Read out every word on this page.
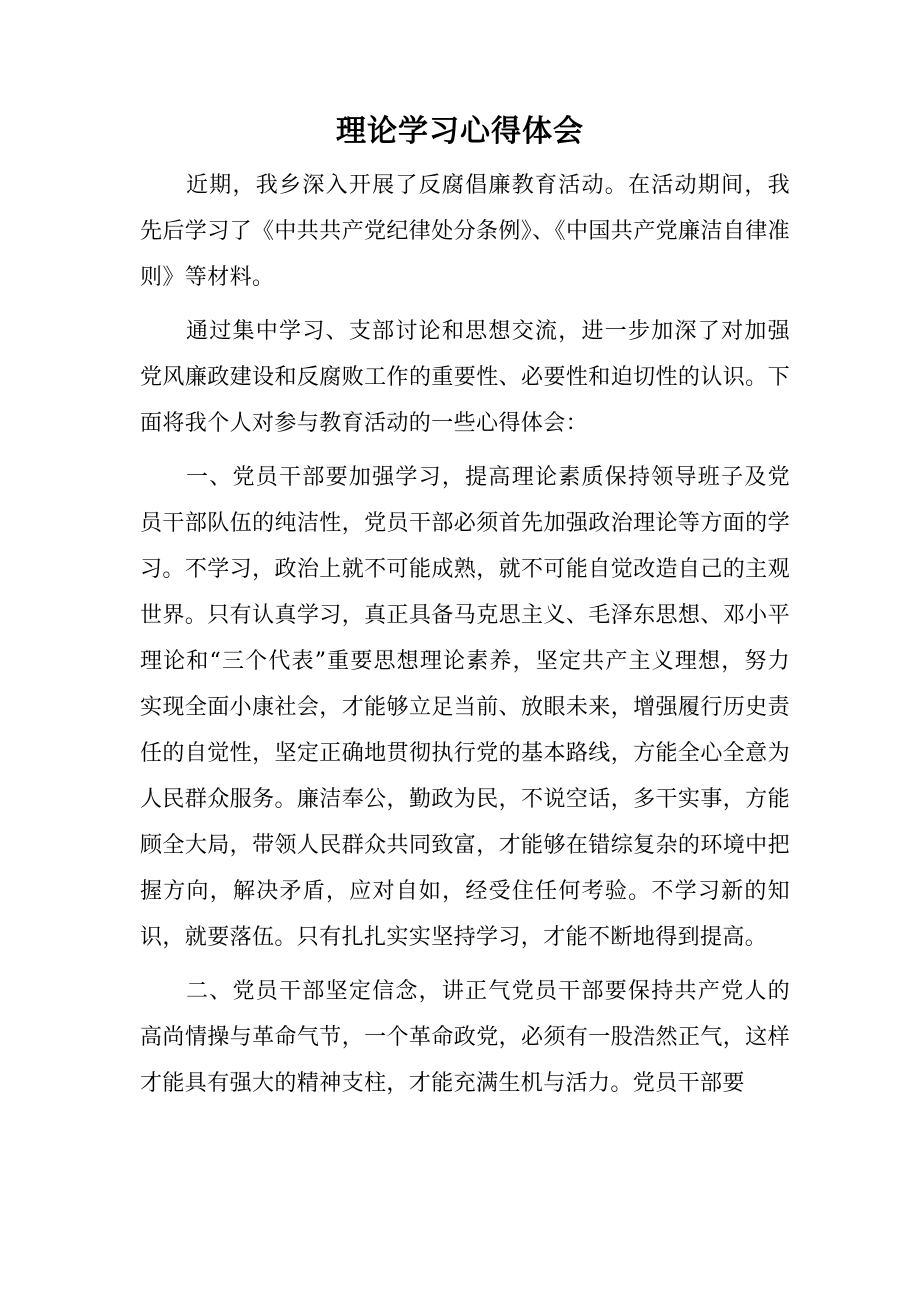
理论学习心得体会

近期，我乡深入开展了反腐倡廉教育活动。在活动期间，我先后学习了《中共共产党纪律处分条例》、《中国共产党廉洁自律准则》等材料。

通过集中学习、支部讨论和思想交流，进一步加深了对加强党风廉政建设和反腐败工作的重要性、必要性和迫切性的认识。下面将我个人对参与教育活动的一些心得体会：

一、党员干部要加强学习，提高理论素质保持领导班子及党员干部队伍的纯洁性，党员干部必须首先加强政治理论等方面的学习。不学习，政治上就不可能成熟，就不可能自觉改造自己的主观世界。只有认真学习，真正具备马克思主义、毛泽东思想、邓小平理论和“三个代表”重要思想理论素养，坚定共产主义理想，努力实现全面小康社会，才能够立足当前、放眼未来，增强履行历史责任的自觉性，坚定正确地贯彻执行党的基本路线，方能全心全意为人民群众服务。廉洁奉公，勤政为民，不说空话，多干实事，方能顾全大局，带领人民群众共同致富，才能够在错综复杂的环境中把握方向，解决矛盾，应对自如，经受住任何考验。不学习新的知识，就要落伍。只有扎扎实实坚持学习，才能不断地得到提高。

二、党员干部坚定信念，讲正气党员干部要保持共产党人的高尚情操与革命气节，一个革命政党，必须有一股浩然正气，这样才能具有强大的精神支柱，才能充满生机与活力。党员干部要
